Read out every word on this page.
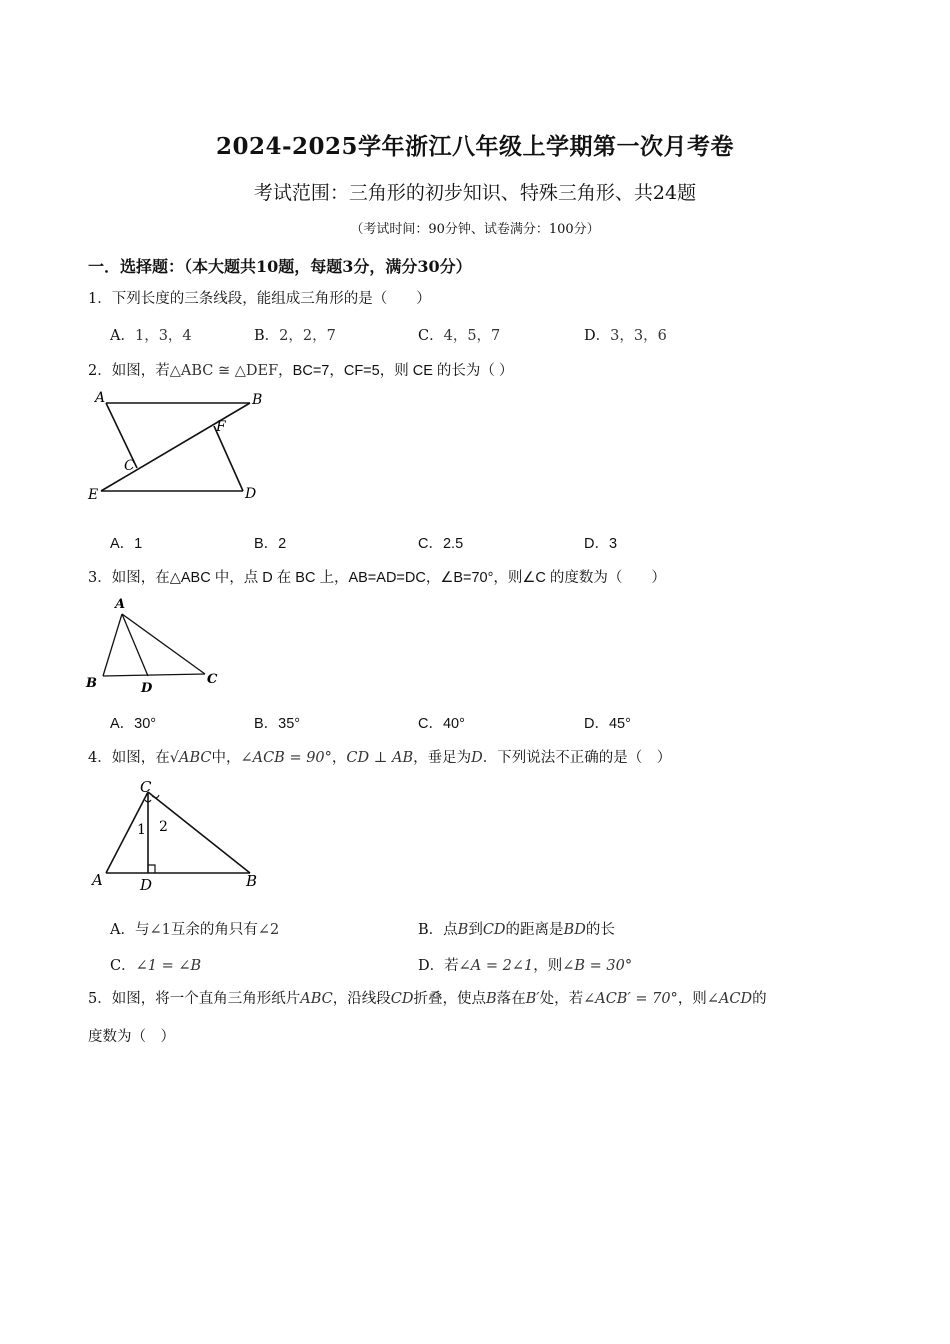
2024-2025学年浙江八年级上学期第一次月考卷
考试范围：三角形的初步知识、特殊三角形、共24题
（考试时间：90分钟、试卷满分：100分）
一．选择题：（本大题共10题，每题3分，满分30分）
1．下列长度的三条线段，能组成三角形的是（　　）
A．1，3，4	B．2，2，7	C．4，5，7	D．3，3，6
2．如图，若△ABC ≅ △DEF，BC=7，CF=5，则 CE 的长为（ ）
A	B
C
F
E	D
A．1	B．2	C．2.5	D．3
3．如图，在△ABC 中，点 D 在 BC 上，AB=AD=DC，∠B=70°，则∠C 的度数为（　　）
A
B	D
C
A．30°	B．35°	C．40°	D．45°
4．如图，在√ABC中，∠ACB = 90°，CD ⊥ AB，垂足为D．下列说法不正确的是（　）
C
1 2
A D	B
A．与∠1互余的角只有∠2	B．点B到CD的距离是BD的长
C．∠1 = ∠B	D．若∠A = 2∠1，则∠B = 30°
5．如图，将一个直角三角形纸片ABC，沿线段CD折叠，使点B落在B′处，若∠ACB′ = 70°，则∠ACD的
度数为（　）
